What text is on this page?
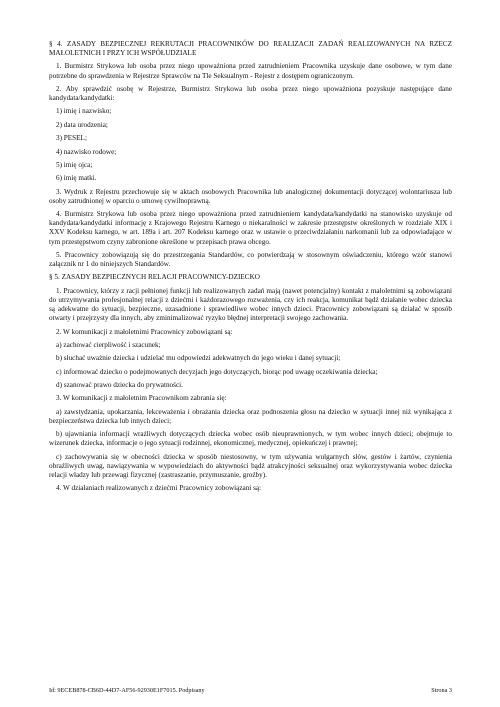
§ 4. ZASADY BEZPIECZNEJ REKRUTACJI PRACOWNIKÓW DO REALIZACJI ZADAŃ REALIZOWANYCH NA RZECZ MAŁOLETNICH I PRZY ICH WSPÓŁUDZIALE

1. Burmistrz Strykowa lub osoba przez niego upoważniona przed zatrudnieniem Pracownika uzyskuje dane osobowe, w tym dane potrzebne do sprawdzenia w Rejestrze Sprawców na Tle Seksualnym - Rejestr z dostępem ograniczonym.

2. Aby sprawdzić osobę w Rejestrze, Burmistrz Strykowa lub osoba przez niego upoważniona pozyskuje następujące dane kandydata/kandydatki:

1) imię i nazwisko;

2) data urodzenia;

3) PESEL;

4) nazwisko rodowe;

5) imię ojca;

6) imię matki.

3. Wydruk z Rejestru przechowuje się w aktach osobowych Pracownika lub analogicznej dokumentacji dotyczącej wolontariusza lub osoby zatrudnionej w oparciu o umowę cywilnoprawną.

4. Burmistrz Strykowa lub osoba przez niego upoważniona przed zatrudnieniem kandydata/kandydatki na stanowisko uzyskuje od kandydata/kandydatki informację z Krajowego Rejestru Karnego o niekaralności w zakresie przestępstw określonych w rozdziale XIX i XXV Kodeksu karnego, w art. 189a i art. 207 Kodeksu karnego oraz w ustawie o przeciwdziałaniu narkomanii lub za odpowiadające w tym przestępstwom czyny zabronione określone w przepisach prawa obcego.

5. Pracownicy zobowiązują się do przestrzegania Standardów, co potwierdzają w stosownym oświadczeniu, którego wzór stanowi załącznik nr 1 do niniejszych Standardów.

§ 5. ZASADY BEZPIECZNYCH RELACJI PRACOWNICY-DZIECKO

1. Pracownicy, którzy z racji pełnionej funkcji lub realizowanych zadań mają (nawet potencjalny) kontakt z małoletnimi są zobowiązani do utrzymywania profesjonalnej relacji z dziećmi i każdorazowego rozważenia, czy ich reakcja, komunikat bądź działanie wobec dziecka są adekwatne do sytuacji, bezpieczne, uzasadnione i sprawiedliwe wobec innych dzieci. Pracownicy zobowiązani są działać w sposób otwarty i przejrzysty dla innych, aby zminimalizować ryzyko błędnej interpretacji swojego zachowania.

2. W komunikacji z małoletnimi Pracownicy zobowiązani są:

a) zachować cierpliwość i szacunek;

b) słuchać uważnie dziecka i udzielać mu odpowiedzi adekwatnych do jego wieku i danej sytuacji;

c) informować dziecko o podejmowanych decyzjach jego dotyczących, biorąc pod uwagę oczekiwania dziecka;

d) szanować prawo dziecka do prywatności.

3. W komunikacji z małoletnim Pracownikom zabrania się:

a) zawstydzania, upokarzania, lekceważenia i obrażania dziecka oraz podnoszenia głosu na dziecko w sytuacji innej niż wynikająca z bezpieczeństwa dziecka lub innych dzieci;

b) ujawniania informacji wrażliwych dotyczących dziecka wobec osób nieuprawnionych, w tym wobec innych dzieci; obejmuje to wizerunek dziecka, informacje o jego sytuacji rodzinnej, ekonomicznej, medycznej, opiekuńczej i prawnej;

c) zachowywania się w obecności dziecka w sposób niestosowny, w tym używania wulgarnych słów, gestów i żartów, czynienia obraźliwych uwag, nawiązywania w wypowiedziach do aktywności bądź atrakcyjności seksualnej oraz wykorzystywania wobec dziecka relacji władzy lub przewagi fizycznej (zastraszanie, przymuszanie, groźby).

4. W działaniach realizowanych z dziećmi Pracownicy zobowiązani są:

Id: 9ECEB878-CB6D-44D7-AF56-92930E1F7015. Podpisany	Strona 3
